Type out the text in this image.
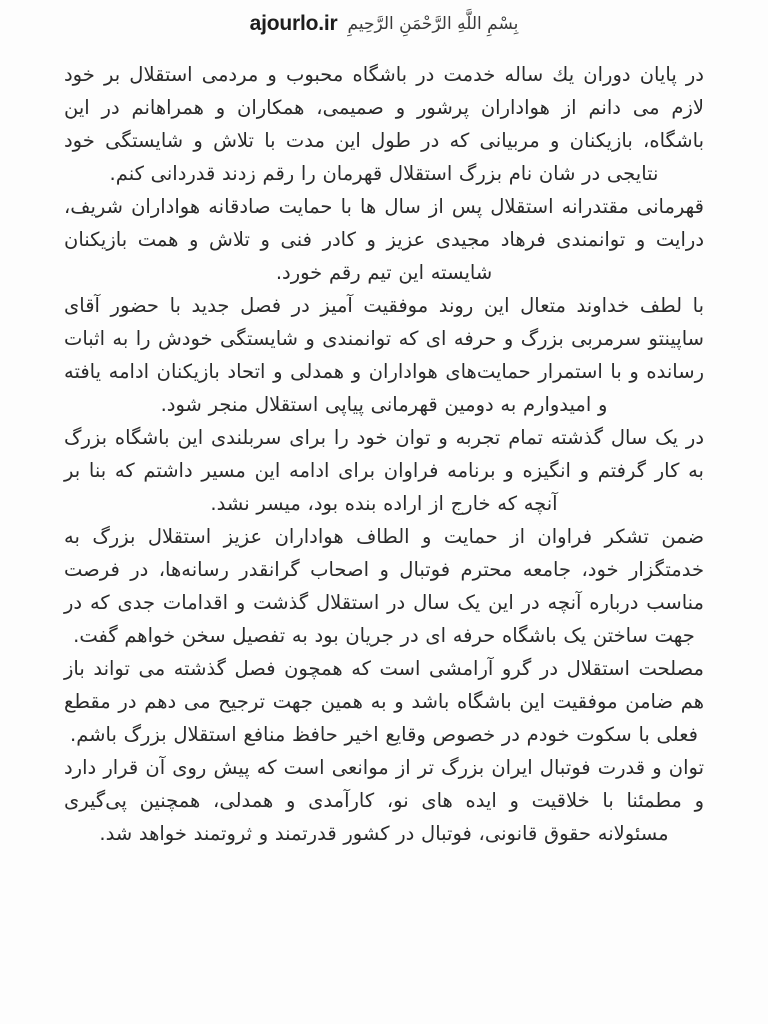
بِسْمِ اللَّهِ الرَّحْمَنِ الرَّحِيمِ
ajourlo.ir

در پایان دوران یك ساله خدمت در باشگاه محبوب و مردمی استقلال بر خود لازم می دانم از هواداران پرشور و صمیمی، همکاران و همراهانم در این باشگاه، بازیکنان و مربیانی که در طول این مدت با تلاش و شایستگی خود نتایجی در شان نام بزرگ استقلال قهرمان را رقم زدند قدردانی کنم.

قهرمانی مقتدرانه استقلال پس از سال ها با حمایت صادقانه هواداران شریف، درایت و توانمندی فرهاد مجیدی عزیز و کادر فنی و تلاش و همت بازیکنان شایسته این تیم رقم خورد.

با لطف خداوند متعال این روند موفقیت آمیز در فصل جدید با حضور آقای ساپینتو سرمربی بزرگ و حرفه ای که توانمندی و شایستگی خودش را به اثبات رسانده و با استمرار حمایت‌های هواداران و همدلی و اتحاد بازیکنان ادامه یافته و امیدوارم به دومین قهرمانی پیاپی استقلال منجر شود.

در یک سال گذشته تمام تجربه و توان خود را برای سربلندی این باشگاه بزرگ به کار گرفتم و انگیزه و برنامه فراوان برای ادامه این مسیر داشتم که بنا بر آنچه که خارج از اراده بنده بود، میسر نشد.

ضمن تشکر فراوان از حمایت و الطاف هواداران عزیز استقلال بزرگ به خدمتگزار خود، جامعه محترم فوتبال و اصحاب گرانقدر رسانه‌ها، در فرصت مناسب درباره آنچه در این یک سال در استقلال گذشت و اقدامات جدی که در جهت ساختن یک باشگاه حرفه ای در جریان بود به تفصیل سخن خواهم گفت.

مصلحت استقلال در گرو آرامشی است که همچون فصل گذشته می تواند باز هم ضامن موفقیت این باشگاه باشد و به همین جهت ترجیح می دهم در مقطع فعلی با سکوت خودم در خصوص وقایع اخیر حافظ منافع استقلال بزرگ باشم.

توان و قدرت فوتبال ایران بزرگ تر از موانعی است که پیش روی آن قرار دارد و مطمئنا با خلاقیت و ایده های نو، کارآمدی و همدلی، همچنین پی‌گیری مسئولانه حقوق قانونی، فوتبال در کشور قدرتمند و ثروتمند خواهد شد.
